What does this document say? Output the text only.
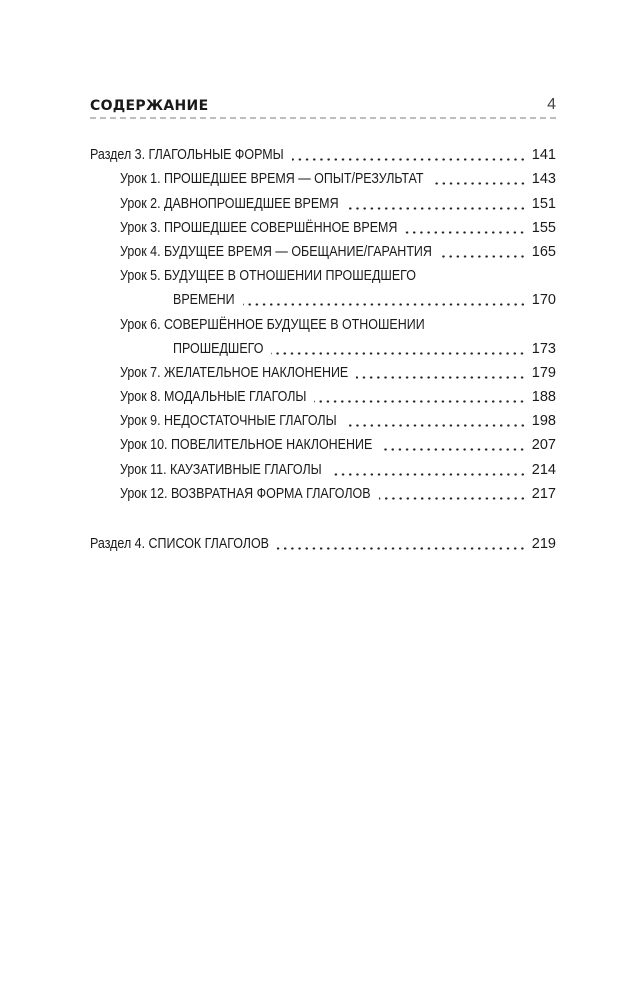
СОДЕРЖАНИЕ	4
Раздел 3. ГЛАГОЛЬНЫЕ ФОРМЫ	141
Урок 1. ПРОШЕДШЕЕ ВРЕМЯ — ОПЫТ/РЕЗУЛЬТАТ	143
Урок 2. ДАВНОПРОШЕДШЕЕ ВРЕМЯ	151
Урок 3. ПРОШЕДШЕЕ СОВЕРШЁННОЕ ВРЕМЯ	155
Урок 4. БУДУЩЕЕ ВРЕМЯ — ОБЕЩАНИЕ/ГАРАНТИЯ	165
Урок 5. БУДУЩЕЕ В ОТНОШЕНИИ ПРОШЕДШЕГО
ВРЕМЕНИ	170
Урок 6. СОВЕРШЁННОЕ БУДУЩЕЕ В ОТНОШЕНИИ
ПРОШЕДШЕГО	173
Урок 7. ЖЕЛАТЕЛЬНОЕ НАКЛОНЕНИЕ	179
Урок 8. МОДАЛЬНЫЕ ГЛАГОЛЫ	188
Урок 9. НЕДОСТАТОЧНЫЕ ГЛАГОЛЫ	198
Урок 10. ПОВЕЛИТЕЛЬНОЕ НАКЛОНЕНИЕ	207
Урок 11. КАУЗАТИВНЫЕ ГЛАГОЛЫ	214
Урок 12. ВОЗВРАТНАЯ ФОРМА ГЛАГОЛОВ	217
Раздел 4. СПИСОК ГЛАГОЛОВ	219
